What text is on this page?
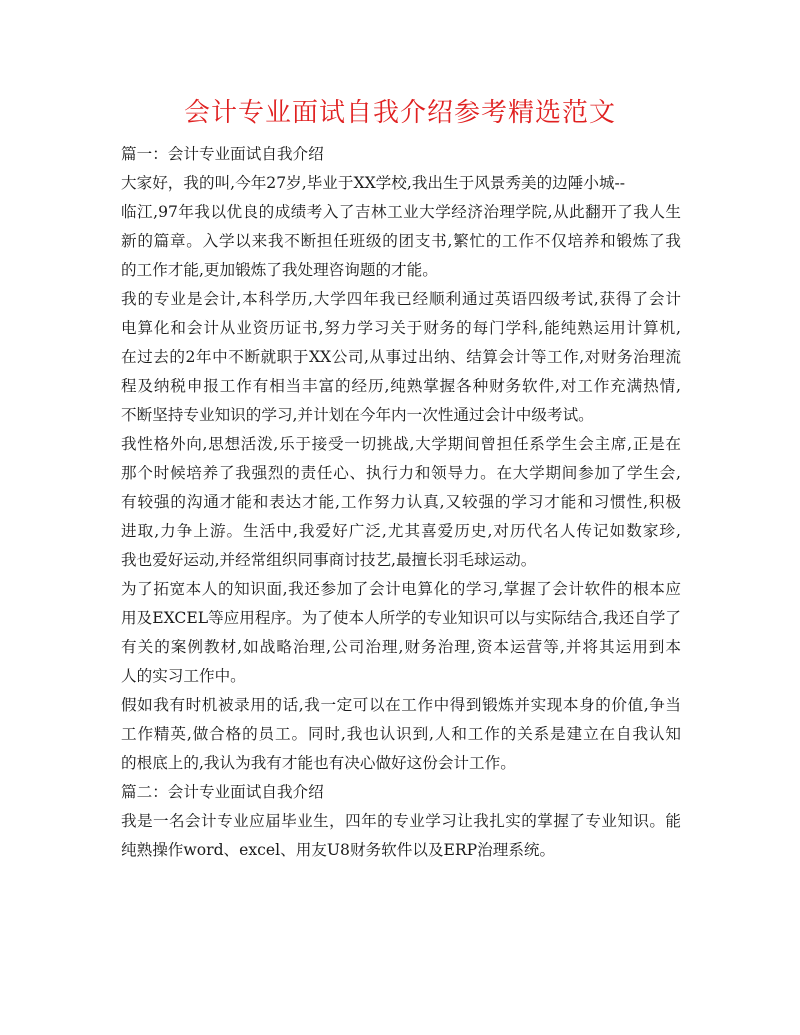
会计专业面试自我介绍参考精选范文
篇一：会计专业面试自我介绍
大家好，我的叫,今年27岁,毕业于XX学校,我出生于风景秀美的边陲小城--
临江,97年我以优良的成绩考入了吉林工业大学经济治理学院,从此翻开了我人生
新的篇章。入学以来我不断担任班级的团支书,繁忙的工作不仅培养和锻炼了我
的工作才能,更加锻炼了我处理咨询题的才能。
我的专业是会计,本科学历,大学四年我已经顺利通过英语四级考试,获得了会计
电算化和会计从业资历证书,努力学习关于财务的每门学科,能纯熟运用计算机,
在过去的2年中不断就职于XX公司,从事过出纳、结算会计等工作,对财务治理流
程及纳税申报工作有相当丰富的经历,纯熟掌握各种财务软件,对工作充满热情,
不断坚持专业知识的学习,并计划在今年内一次性通过会计中级考试。
我性格外向,思想活泼,乐于接受一切挑战,大学期间曾担任系学生会主席,正是在
那个时候培养了我强烈的责任心、执行力和领导力。在大学期间参加了学生会,
有较强的沟通才能和表达才能,工作努力认真,又较强的学习才能和习惯性,积极
进取,力争上游。生活中,我爱好广泛,尤其喜爱历史,对历代名人传记如数家珍,
我也爱好运动,并经常组织同事商讨技艺,最擅长羽毛球运动。
为了拓宽本人的知识面,我还参加了会计电算化的学习,掌握了会计软件的根本应
用及EXCEL等应用程序。为了使本人所学的专业知识可以与实际结合,我还自学了
有关的案例教材,如战略治理,公司治理,财务治理,资本运营等,并将其运用到本
人的实习工作中。
假如我有时机被录用的话,我一定可以在工作中得到锻炼并实现本身的价值,争当
工作精英,做合格的员工。同时,我也认识到,人和工作的关系是建立在自我认知
的根底上的,我认为我有才能也有决心做好这份会计工作。
篇二：会计专业面试自我介绍
我是一名会计专业应届毕业生，四年的专业学习让我扎实的掌握了专业知识。能
纯熟操作word、excel、用友U8财务软件以及ERP治理系统。
